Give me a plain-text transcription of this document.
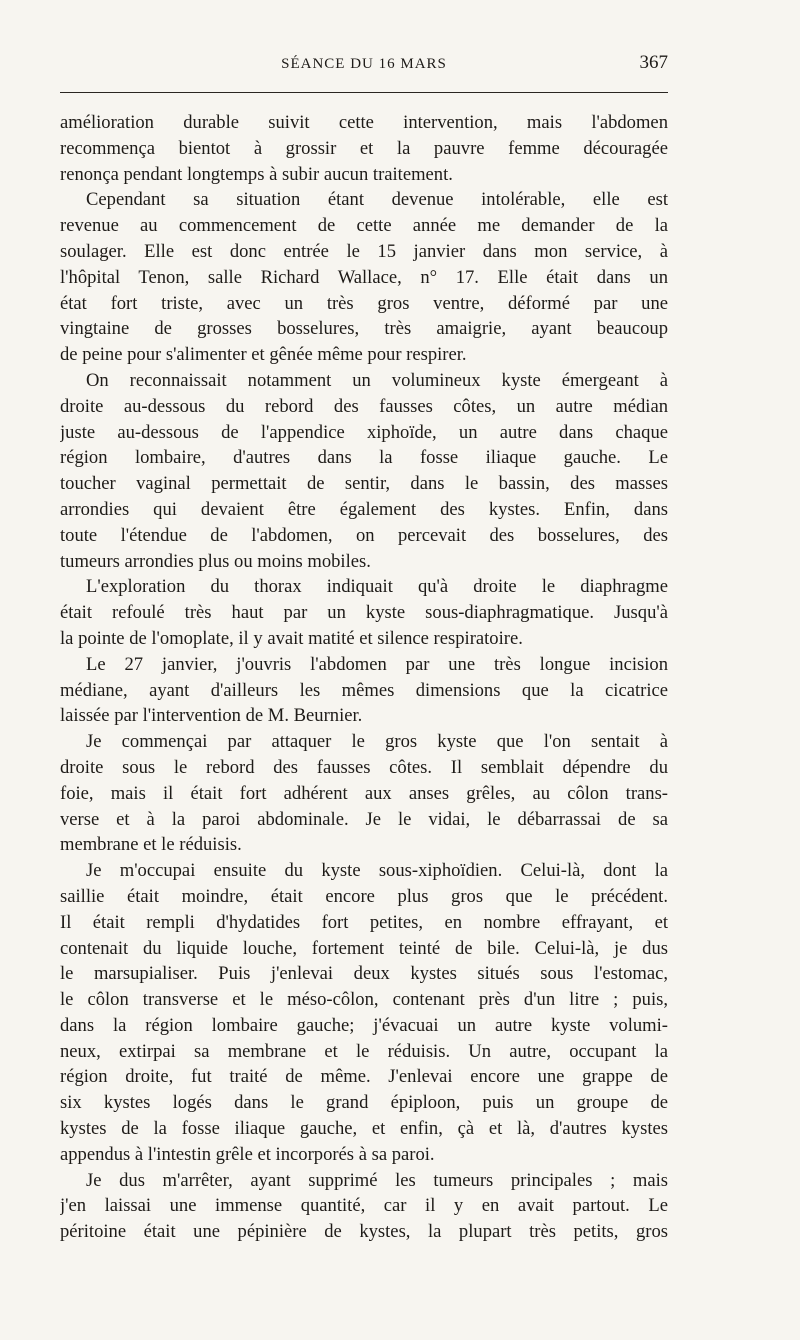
SÉANCE DU 16 MARS	367
amélioration durable suivit cette intervention, mais l'abdomen
recommença bientot à grossir et la pauvre femme découragée
renonça pendant longtemps à subir aucun traitement.
Cependant sa situation étant devenue intolérable, elle est
revenue au commencement de cette année me demander de la
soulager. Elle est donc entrée le 15 janvier dans mon service, à
l'hôpital Tenon, salle Richard Wallace, n° 17. Elle était dans un
état fort triste, avec un très gros ventre, déformé par une
vingtaine de grosses bosselures, très amaigrie, ayant beaucoup
de peine pour s'alimenter et gênée même pour respirer.
On reconnaissait notamment un volumineux kyste émergeant à
droite au-dessous du rebord des fausses côtes, un autre médian
juste au-dessous de l'appendice xiphoïde, un autre dans chaque
région lombaire, d'autres dans la fosse iliaque gauche. Le
toucher vaginal permettait de sentir, dans le bassin, des masses
arrondies qui devaient être également des kystes. Enfin, dans
toute l'étendue de l'abdomen, on percevait des bosselures, des
tumeurs arrondies plus ou moins mobiles.
L'exploration du thorax indiquait qu'à droite le diaphragme
était refoulé très haut par un kyste sous-diaphragmatique. Jusqu'à
la pointe de l'omoplate, il y avait matité et silence respiratoire.
Le 27 janvier, j'ouvris l'abdomen par une très longue incision
médiane, ayant d'ailleurs les mêmes dimensions que la cicatrice
laissée par l'intervention de M. Beurnier.
Je commençai par attaquer le gros kyste que l'on sentait à
droite sous le rebord des fausses côtes. Il semblait dépendre du
foie, mais il était fort adhérent aux anses grêles, au côlon trans-
verse et à la paroi abdominale. Je le vidai, le débarrassai de sa
membrane et le réduisis.
Je m'occupai ensuite du kyste sous-xiphoïdien. Celui-là, dont la
saillie était moindre, était encore plus gros que le précédent.
Il était rempli d'hydatides fort petites, en nombre effrayant, et
contenait du liquide louche, fortement teinté de bile. Celui-là, je dus
le marsupialiser. Puis j'enlevai deux kystes situés sous l'estomac,
le côlon transverse et le méso-côlon, contenant près d'un litre ; puis,
dans la région lombaire gauche; j'évacuai un autre kyste volumi-
neux, extirpai sa membrane et le réduisis. Un autre, occupant la
région droite, fut traité de même. J'enlevai encore une grappe de
six kystes logés dans le grand épiploon, puis un groupe de
kystes de la fosse iliaque gauche, et enfin, çà et là, d'autres kystes
appendus à l'intestin grêle et incorporés à sa paroi.
Je dus m'arrêter, ayant supprimé les tumeurs principales ; mais
j'en laissai une immense quantité, car il y en avait partout. Le
péritoine était une pépinière de kystes, la plupart très petits, gros
